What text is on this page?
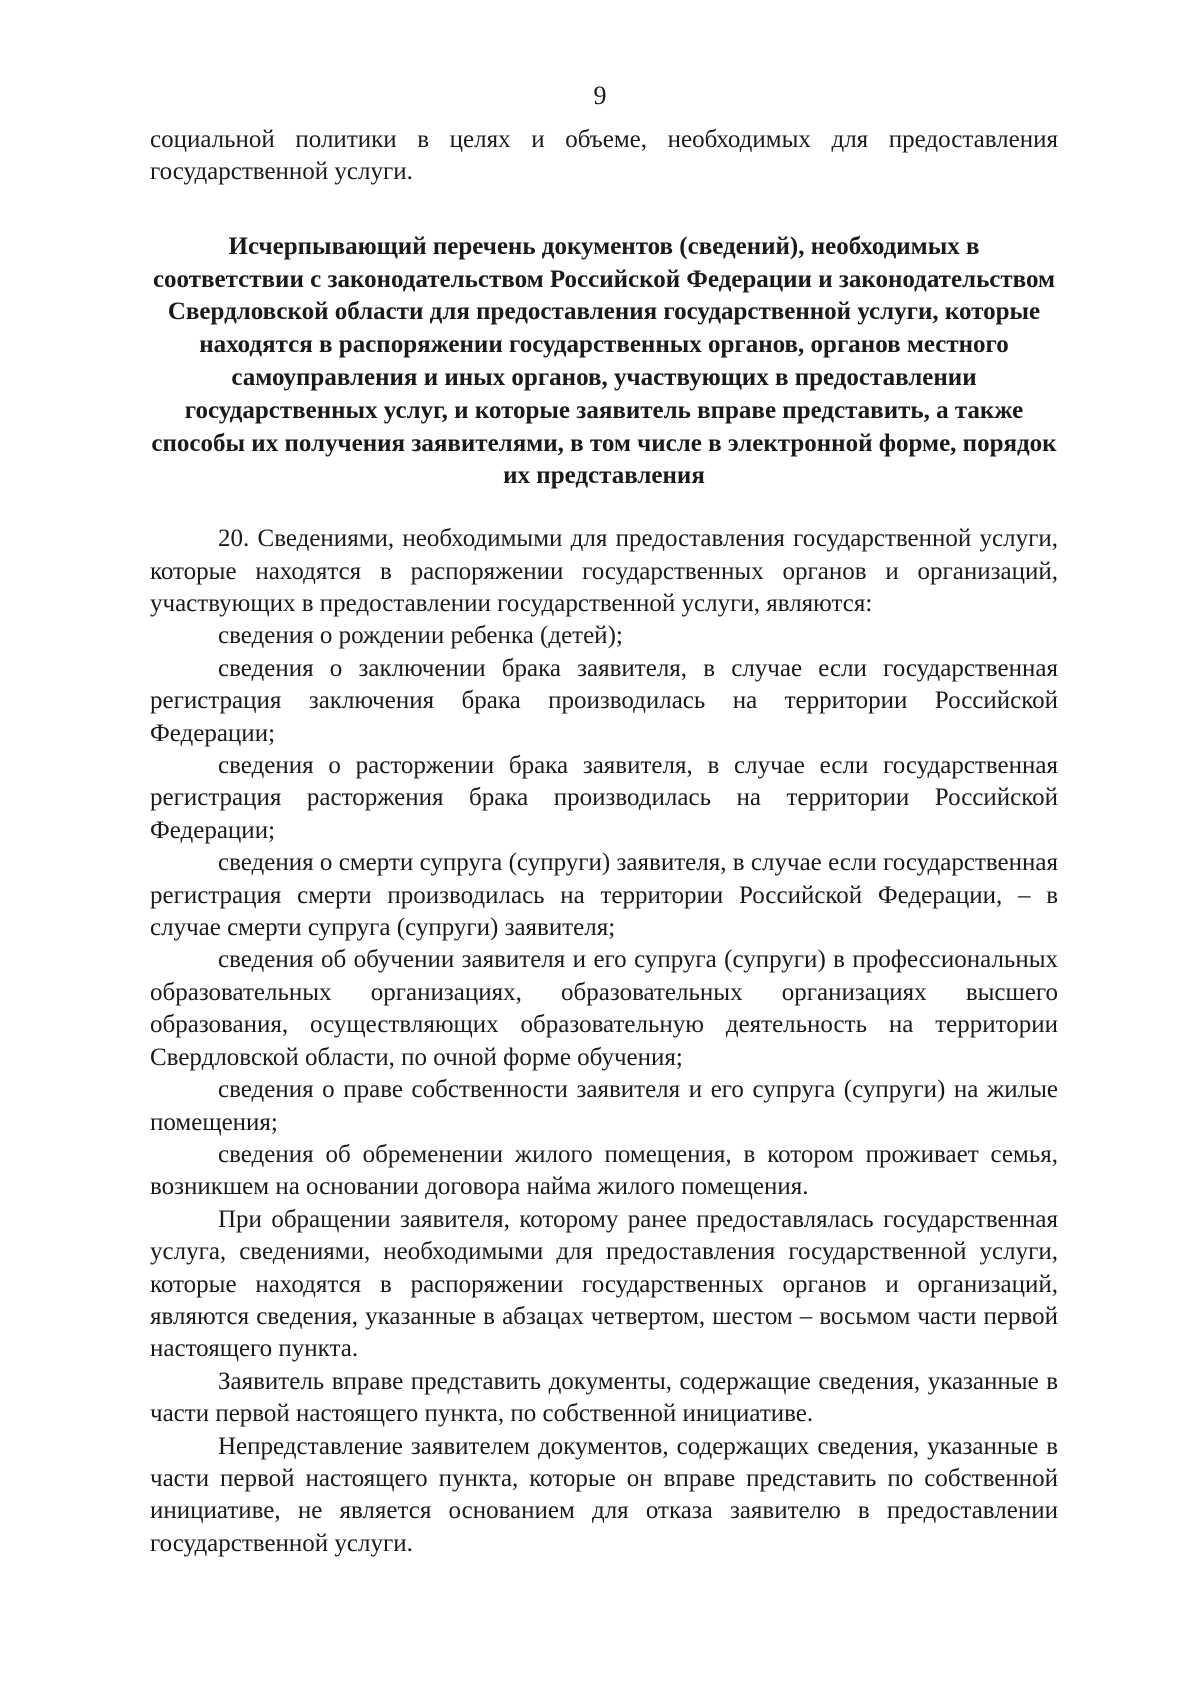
9

социальной политики в целях и объеме, необходимых для предоставления государственной услуги.

Исчерпывающий перечень документов (сведений), необходимых в соответствии с законодательством Российской Федерации и законодательством Свердловской области для предоставления государственной услуги, которые находятся в распоряжении государственных органов, органов местного самоуправления и иных органов, участвующих в предоставлении государственных услуг, и которые заявитель вправе представить, а также способы их получения заявителями, в том числе в электронной форме, порядок их представления

20. Сведениями, необходимыми для предоставления государственной услуги, которые находятся в распоряжении государственных органов и организаций, участвующих в предоставлении государственной услуги, являются:

сведения о рождении ребенка (детей);

сведения о заключении брака заявителя, в случае если государственная регистрация заключения брака производилась на территории Российской Федерации;

сведения о расторжении брака заявителя, в случае если государственная регистрация расторжения брака производилась на территории Российской Федерации;

сведения о смерти супруга (супруги) заявителя, в случае если государственная регистрация смерти производилась на территории Российской Федерации, – в случае смерти супруга (супруги) заявителя;

сведения об обучении заявителя и его супруга (супруги) в профессиональных образовательных организациях, образовательных организациях высшего образования, осуществляющих образовательную деятельность на территории Свердловской области, по очной форме обучения;

сведения о праве собственности заявителя и его супруга (супруги) на жилые помещения;

сведения об обременении жилого помещения, в котором проживает семья, возникшем на основании договора найма жилого помещения.

При обращении заявителя, которому ранее предоставлялась государственная услуга, сведениями, необходимыми для предоставления государственной услуги, которые находятся в распоряжении государственных органов и организаций, являются сведения, указанные в абзацах четвертом, шестом – восьмом части первой настоящего пункта.

Заявитель вправе представить документы, содержащие сведения, указанные в части первой настоящего пункта, по собственной инициативе.

Непредставление заявителем документов, содержащих сведения, указанные в части первой настоящего пункта, которые он вправе представить по собственной инициативе, не является основанием для отказа заявителю в предоставлении государственной услуги.
